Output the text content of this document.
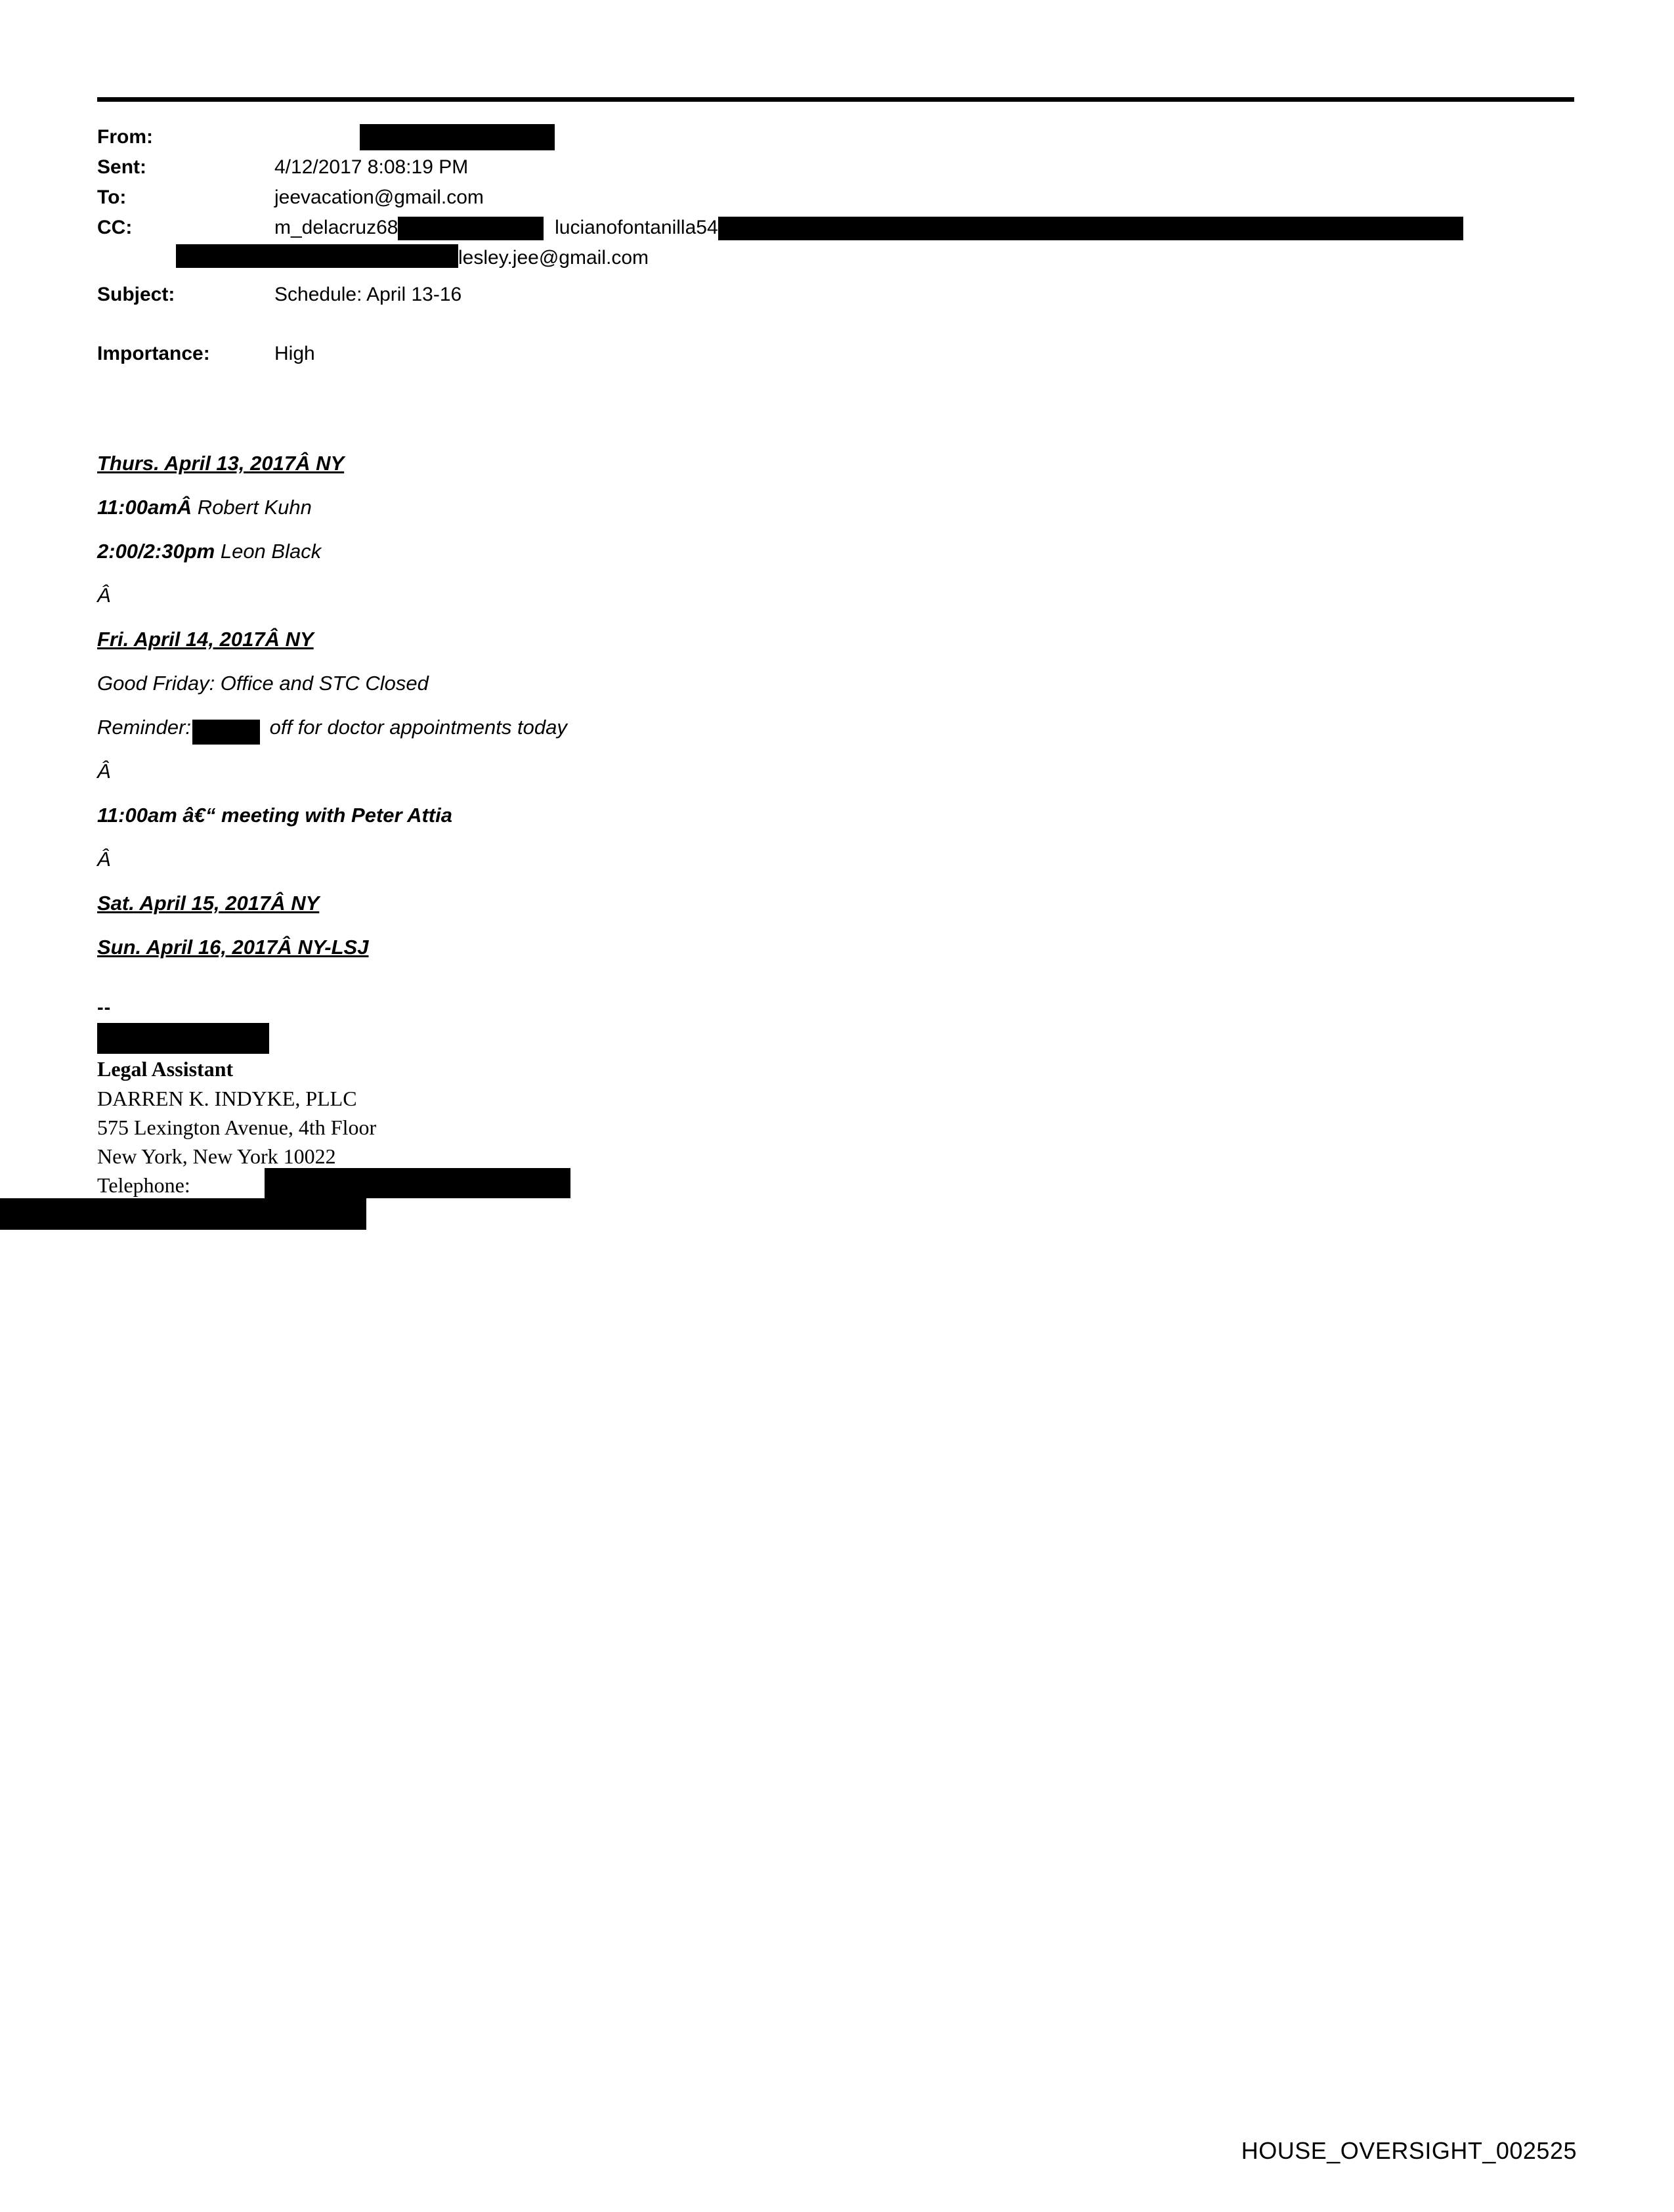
From:
Sent:	4/12/2017 8:08:19 PM
To:	jeevacation@gmail.com
CC:	m_delacruz68	lucianofontanilla54
lesley.jee@gmail.com
Subject:	Schedule: April 13-16
Importance:	High
Thurs. April 13, 2017Â NY
11:00amÂ Robert Kuhn
2:00/2:30pm Leon Black
Â
Fri. April 14, 2017Â NY
Good Friday: Office and STC Closed
Reminder:	off for doctor appointments today
Â
11:00am â€“ meeting with Peter Attia
Â
Sat. April 15, 2017Â NY
Sun. April 16, 2017Â NY-LSJ
--
Legal Assistant
DARREN K. INDYKE, PLLC
575 Lexington Avenue, 4th Floor
New York, New York 10022
Telephone:
HOUSE_OVERSIGHT_002525
